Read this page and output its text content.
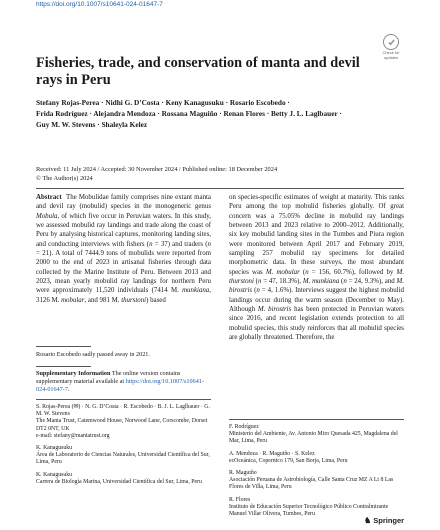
https://doi.org/10.1007/s10641-024-01647-7
Check for
updates
Fisheries, trade, and conservation of manta and devil rays in Peru
Stefany Rojas-Perea · Nidhi G. D’Costa · Keny Kanagusuku · Rosario Escobedo ·
Frida Rodríguez · Alejandra Mendoza · Rossana Maguiño · Renan Flores · Betty J. L. Laglbauer ·
Guy M. W. Stevens · Shaleyla Kelez
Received: 11 July 2024 / Accepted: 30 November 2024 / Published online: 18 December 2024
© The Author(s) 2024

Abstract The Mobulidae family comprises nine extant manta and devil ray (mobulid) species in the monogeneric genus Mobula, of which five occur in Peruvian waters. In this study, we assessed mobulid ray landings and trade along the coast of Peru by analysing historical captures, monitoring landing sites, and conducting interviews with fishers (n = 37) and traders (n = 21). A total of 7444.9 tons of mobulids were reported from 2000 to the end of 2023 in artisanal fisheries through data collected by the Marine Institute of Peru. Between 2013 and 2023, mean yearly mobulid ray landings for northern Peru were approximately 11,520 individuals (7414 M. munkiana, 3126 M. mobular, and 981 M. thurstoni) based

on species-specific estimates of weight at maturity. This ranks Peru among the top mobulid fisheries globally. Of great concern was a 75.05% decline in mobulid ray landings between 2013 and 2023 relative to 2000–2012. Additionally, six key mobulid landing sites in the Tumbes and Piura region were monitored between April 2017 and February 2019, sampling 257 mobulid ray specimens for detailed morphometric data. In these surveys, the most abundant species was M. mobular (n = 156, 60.7%), followed by M. thurstoni (n = 47, 18.3%), M. munkiana (n = 24, 9.3%), and M. birostris (n = 4, 1.6%). Interviews suggest the highest mobulid landings occur during the warm season (December to May). Although M. birostris has been protected in Peruvian waters since 2016, and recent legislation extends protection to all mobulid species, this study reinforces that all mobulid species are globally threatened. Therefore, the

Rosario Escobedo sadly passed away in 2021.
Supplementary Information The online version contains supplementary material available at https://doi.org/10.1007/s10641-024-01647-7.

S. Rojas-Perea (✉) · N. G. D’Costa · R. Escobedo · B. J. L. Laglbauer · G. M. W. Stevens
The Manta Trust, Catemwood House, Norwood Lane, Corscombe, Dorset DT2 0NT, UK
e-mail: stefany@mantatrust.org

K. Kanagusuku
Área de Laboratorio de Ciencias Naturales, Universidad Científica del Sur, Lima, Peru

K. Kanagusuku
Carrera de Biología Marina, Universidad Científica del Sur, Lima, Peru

F. Rodríguez
Ministerio del Ambiente, Av. Antonio Miro Quesada 425, Magdalena del Mar, Lima, Peru

A. Mendoza · R. Maguiño · S. Kelez
ecOceánica, Copernico 179, San Borja, Lima, Peru

R. Maguiño
Asociación Peruana de Astrobiología, Calle Santa Cruz MZ A Lt 8 Las Flores de Villa, Lima, Peru

R. Flores
Instituto de Educación Superior Tecnológico Público Contralmirante Manuel Villar Olivera, Tumbes, Peru

♞ Springer
